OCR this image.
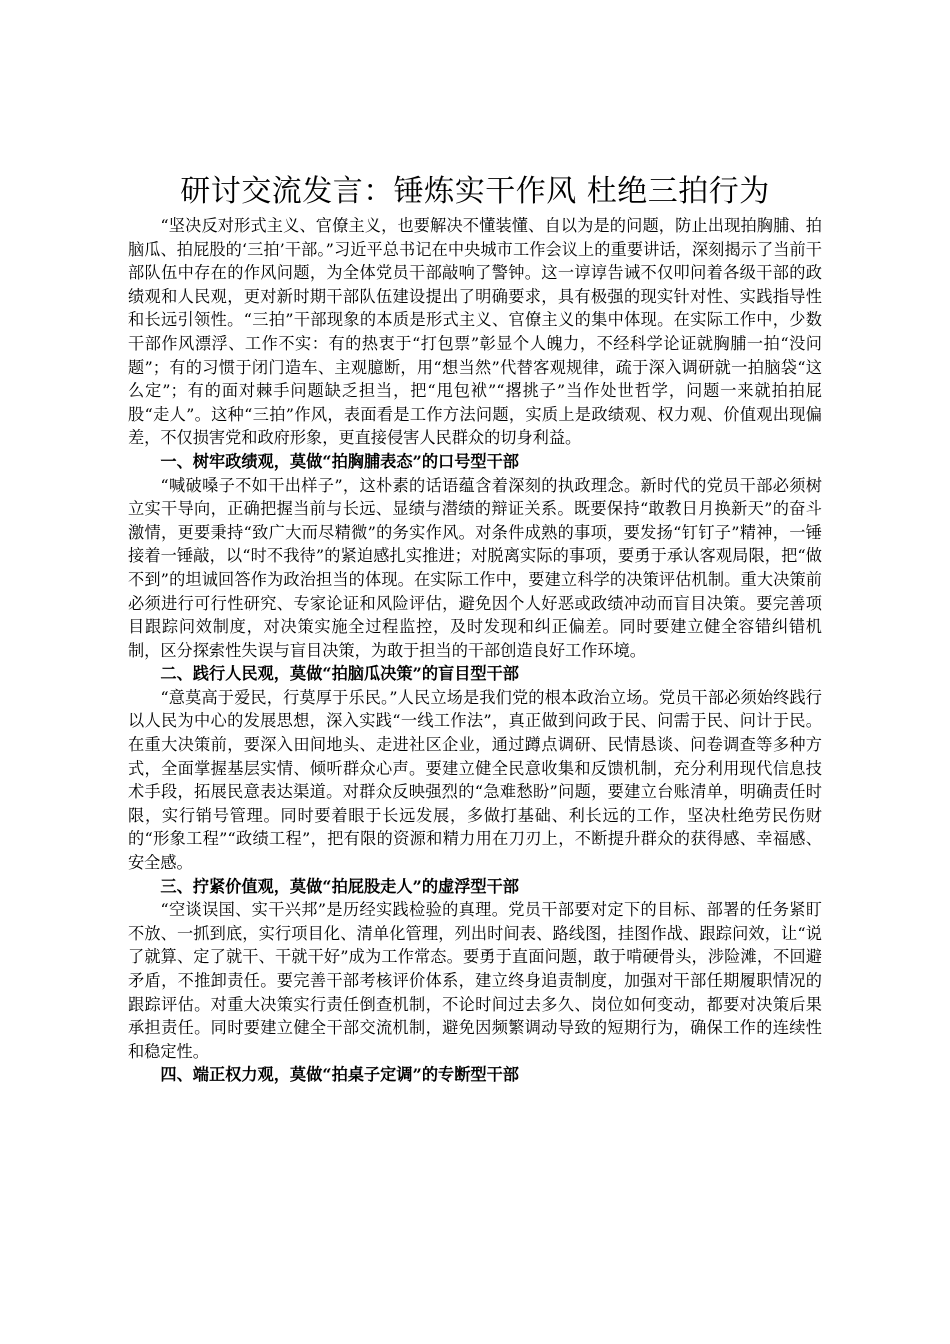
研讨交流发言：锤炼实干作风 杜绝三拍行为

“坚决反对形式主义、官僚主义，也要解决不懂装懂、自以为是的问题，防止出现拍胸脯、拍脑瓜、拍屁股的‘三拍’干部。”习近平总书记在中央城市工作会议上的重要讲话，深刻揭示了当前干部队伍中存在的作风问题，为全体党员干部敲响了警钟。这一谆谆告诫不仅叩问着各级干部的政绩观和人民观，更对新时期干部队伍建设提出了明确要求，具有极强的现实针对性、实践指导性和长远引领性。“三拍”干部现象的本质是形式主义、官僚主义的集中体现。在实际工作中，少数干部作风漂浮、工作不实：有的热衷于“打包票”彰显个人魄力，不经科学论证就胸脯一拍“没问题”；有的习惯于闭门造车、主观臆断，用“想当然”代替客观规律，疏于深入调研就一拍脑袋“这么定”；有的面对棘手问题缺乏担当，把“甩包袱”“撂挑子”当作处世哲学，问题一来就拍拍屁股“走人”。这种“三拍”作风，表面看是工作方法问题，实质上是政绩观、权力观、价值观出现偏差，不仅损害党和政府形象，更直接侵害人民群众的切身利益。

一、树牢政绩观，莫做“拍胸脯表态”的口号型干部

“喊破嗓子不如干出样子”，这朴素的话语蕴含着深刻的执政理念。新时代的党员干部必须树立实干导向，正确把握当前与长远、显绩与潜绩的辩证关系。既要保持“敢教日月换新天”的奋斗激情，更要秉持“致广大而尽精微”的务实作风。对条件成熟的事项，要发扬“钉钉子”精神，一锤接着一锤敲，以“时不我待”的紧迫感扎实推进；对脱离实际的事项，要勇于承认客观局限，把“做不到”的坦诚回答作为政治担当的体现。在实际工作中，要建立科学的决策评估机制。重大决策前必须进行可行性研究、专家论证和风险评估，避免因个人好恶或政绩冲动而盲目决策。要完善项目跟踪问效制度，对决策实施全过程监控，及时发现和纠正偏差。同时要建立健全容错纠错机制，区分探索性失误与盲目决策，为敢于担当的干部创造良好工作环境。

二、践行人民观，莫做“拍脑瓜决策”的盲目型干部

“意莫高于爱民，行莫厚于乐民。”人民立场是我们党的根本政治立场。党员干部必须始终践行以人民为中心的发展思想，深入实践“一线工作法”，真正做到问政于民、问需于民、问计于民。在重大决策前，要深入田间地头、走进社区企业，通过蹲点调研、民情恳谈、问卷调查等多种方式，全面掌握基层实情、倾听群众心声。要建立健全民意收集和反馈机制，充分利用现代信息技术手段，拓展民意表达渠道。对群众反映强烈的“急难愁盼”问题，要建立台账清单，明确责任时限，实行销号管理。同时要着眼于长远发展，多做打基础、利长远的工作，坚决杜绝劳民伤财的“形象工程”“政绩工程”，把有限的资源和精力用在刀刃上，不断提升群众的获得感、幸福感、安全感。

三、拧紧价值观，莫做“拍屁股走人”的虚浮型干部

“空谈误国、实干兴邦”是历经实践检验的真理。党员干部要对定下的目标、部署的任务紧盯不放、一抓到底，实行项目化、清单化管理，列出时间表、路线图，挂图作战、跟踪问效，让“说了就算、定了就干、干就干好”成为工作常态。要勇于直面问题，敢于啃硬骨头，涉险滩，不回避矛盾，不推卸责任。要完善干部考核评价体系，建立终身追责制度，加强对干部任期履职情况的跟踪评估。对重大决策实行责任倒查机制，不论时间过去多久、岗位如何变动，都要对决策后果承担责任。同时要建立健全干部交流机制，避免因频繁调动导致的短期行为，确保工作的连续性和稳定性。

四、端正权力观，莫做“拍桌子定调”的专断型干部
